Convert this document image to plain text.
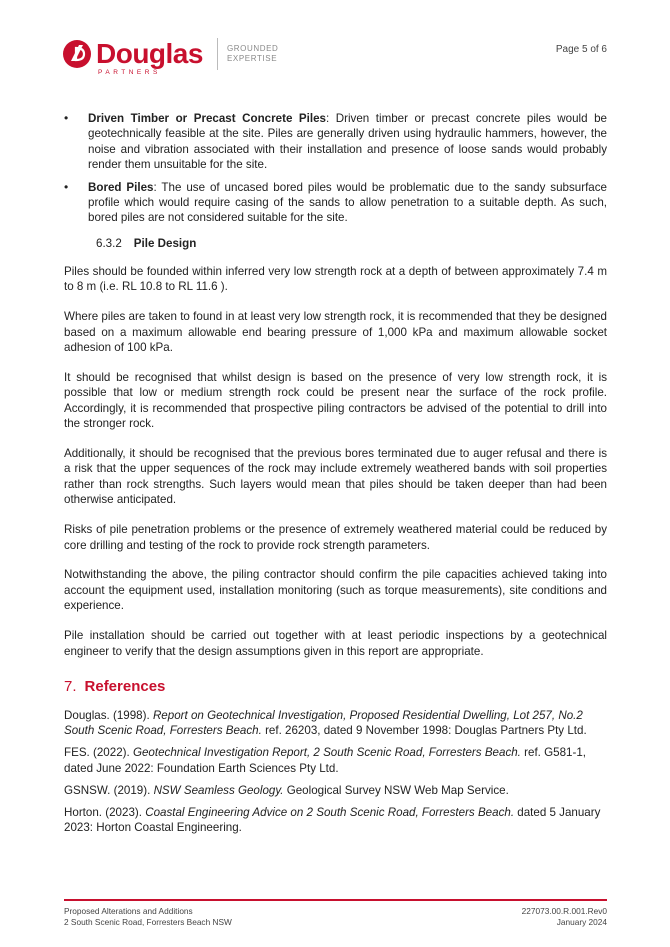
Douglas
PARTNERS
GROUNDED
EXPERTISE
Page 5 of 6

• Driven Timber or Precast Concrete Piles: Driven timber or precast concrete piles would be geotechnically feasible at the site. Piles are generally driven using hydraulic hammers, however, the noise and vibration associated with their installation and presence of loose sands would probably render them unsuitable for the site.

• Bored Piles: The use of uncased bored piles would be problematic due to the sandy subsurface profile which would require casing of the sands to allow penetration to a suitable depth. As such, bored piles are not considered suitable for the site.

6.3.2 Pile Design

Piles should be founded within inferred very low strength rock at a depth of between approximately 7.4 m to 8 m (i.e. RL 10.8 to RL 11.6 ).

Where piles are taken to found in at least very low strength rock, it is recommended that they be designed based on a maximum allowable end bearing pressure of 1,000 kPa and maximum allowable socket adhesion of 100 kPa.

It should be recognised that whilst design is based on the presence of very low strength rock, it is possible that low or medium strength rock could be present near the surface of the rock profile. Accordingly, it is recommended that prospective piling contractors be advised of the potential to drill into the stronger rock.

Additionally, it should be recognised that the previous bores terminated due to auger refusal and there is a risk that the upper sequences of the rock may include extremely weathered bands with soil properties rather than rock strengths. Such layers would mean that piles should be taken deeper than had been otherwise anticipated.

Risks of pile penetration problems or the presence of extremely weathered material could be reduced by core drilling and testing of the rock to provide rock strength parameters.

Notwithstanding the above, the piling contractor should confirm the pile capacities achieved taking into account the equipment used, installation monitoring (such as torque measurements), site conditions and experience.

Pile installation should be carried out together with at least periodic inspections by a geotechnical engineer to verify that the design assumptions given in this report are appropriate.

7. References

Douglas. (1998). Report on Geotechnical Investigation, Proposed Residential Dwelling, Lot 257, No.2 South Scenic Road, Forresters Beach. ref. 26203, dated 9 November 1998: Douglas Partners Pty Ltd.

FES. (2022). Geotechnical Investigation Report, 2 South Scenic Road, Forresters Beach. ref. G581-1, dated June 2022: Foundation Earth Sciences Pty Ltd.

GSNSW. (2019). NSW Seamless Geology. Geological Survey NSW Web Map Service.

Horton. (2023). Coastal Engineering Advice on 2 South Scenic Road, Forresters Beach. dated 5 January 2023: Horton Coastal Engineering.

Proposed Alterations and Additions
2 South Scenic Road, Forresters Beach NSW
227073.00.R.001.Rev0
January 2024
